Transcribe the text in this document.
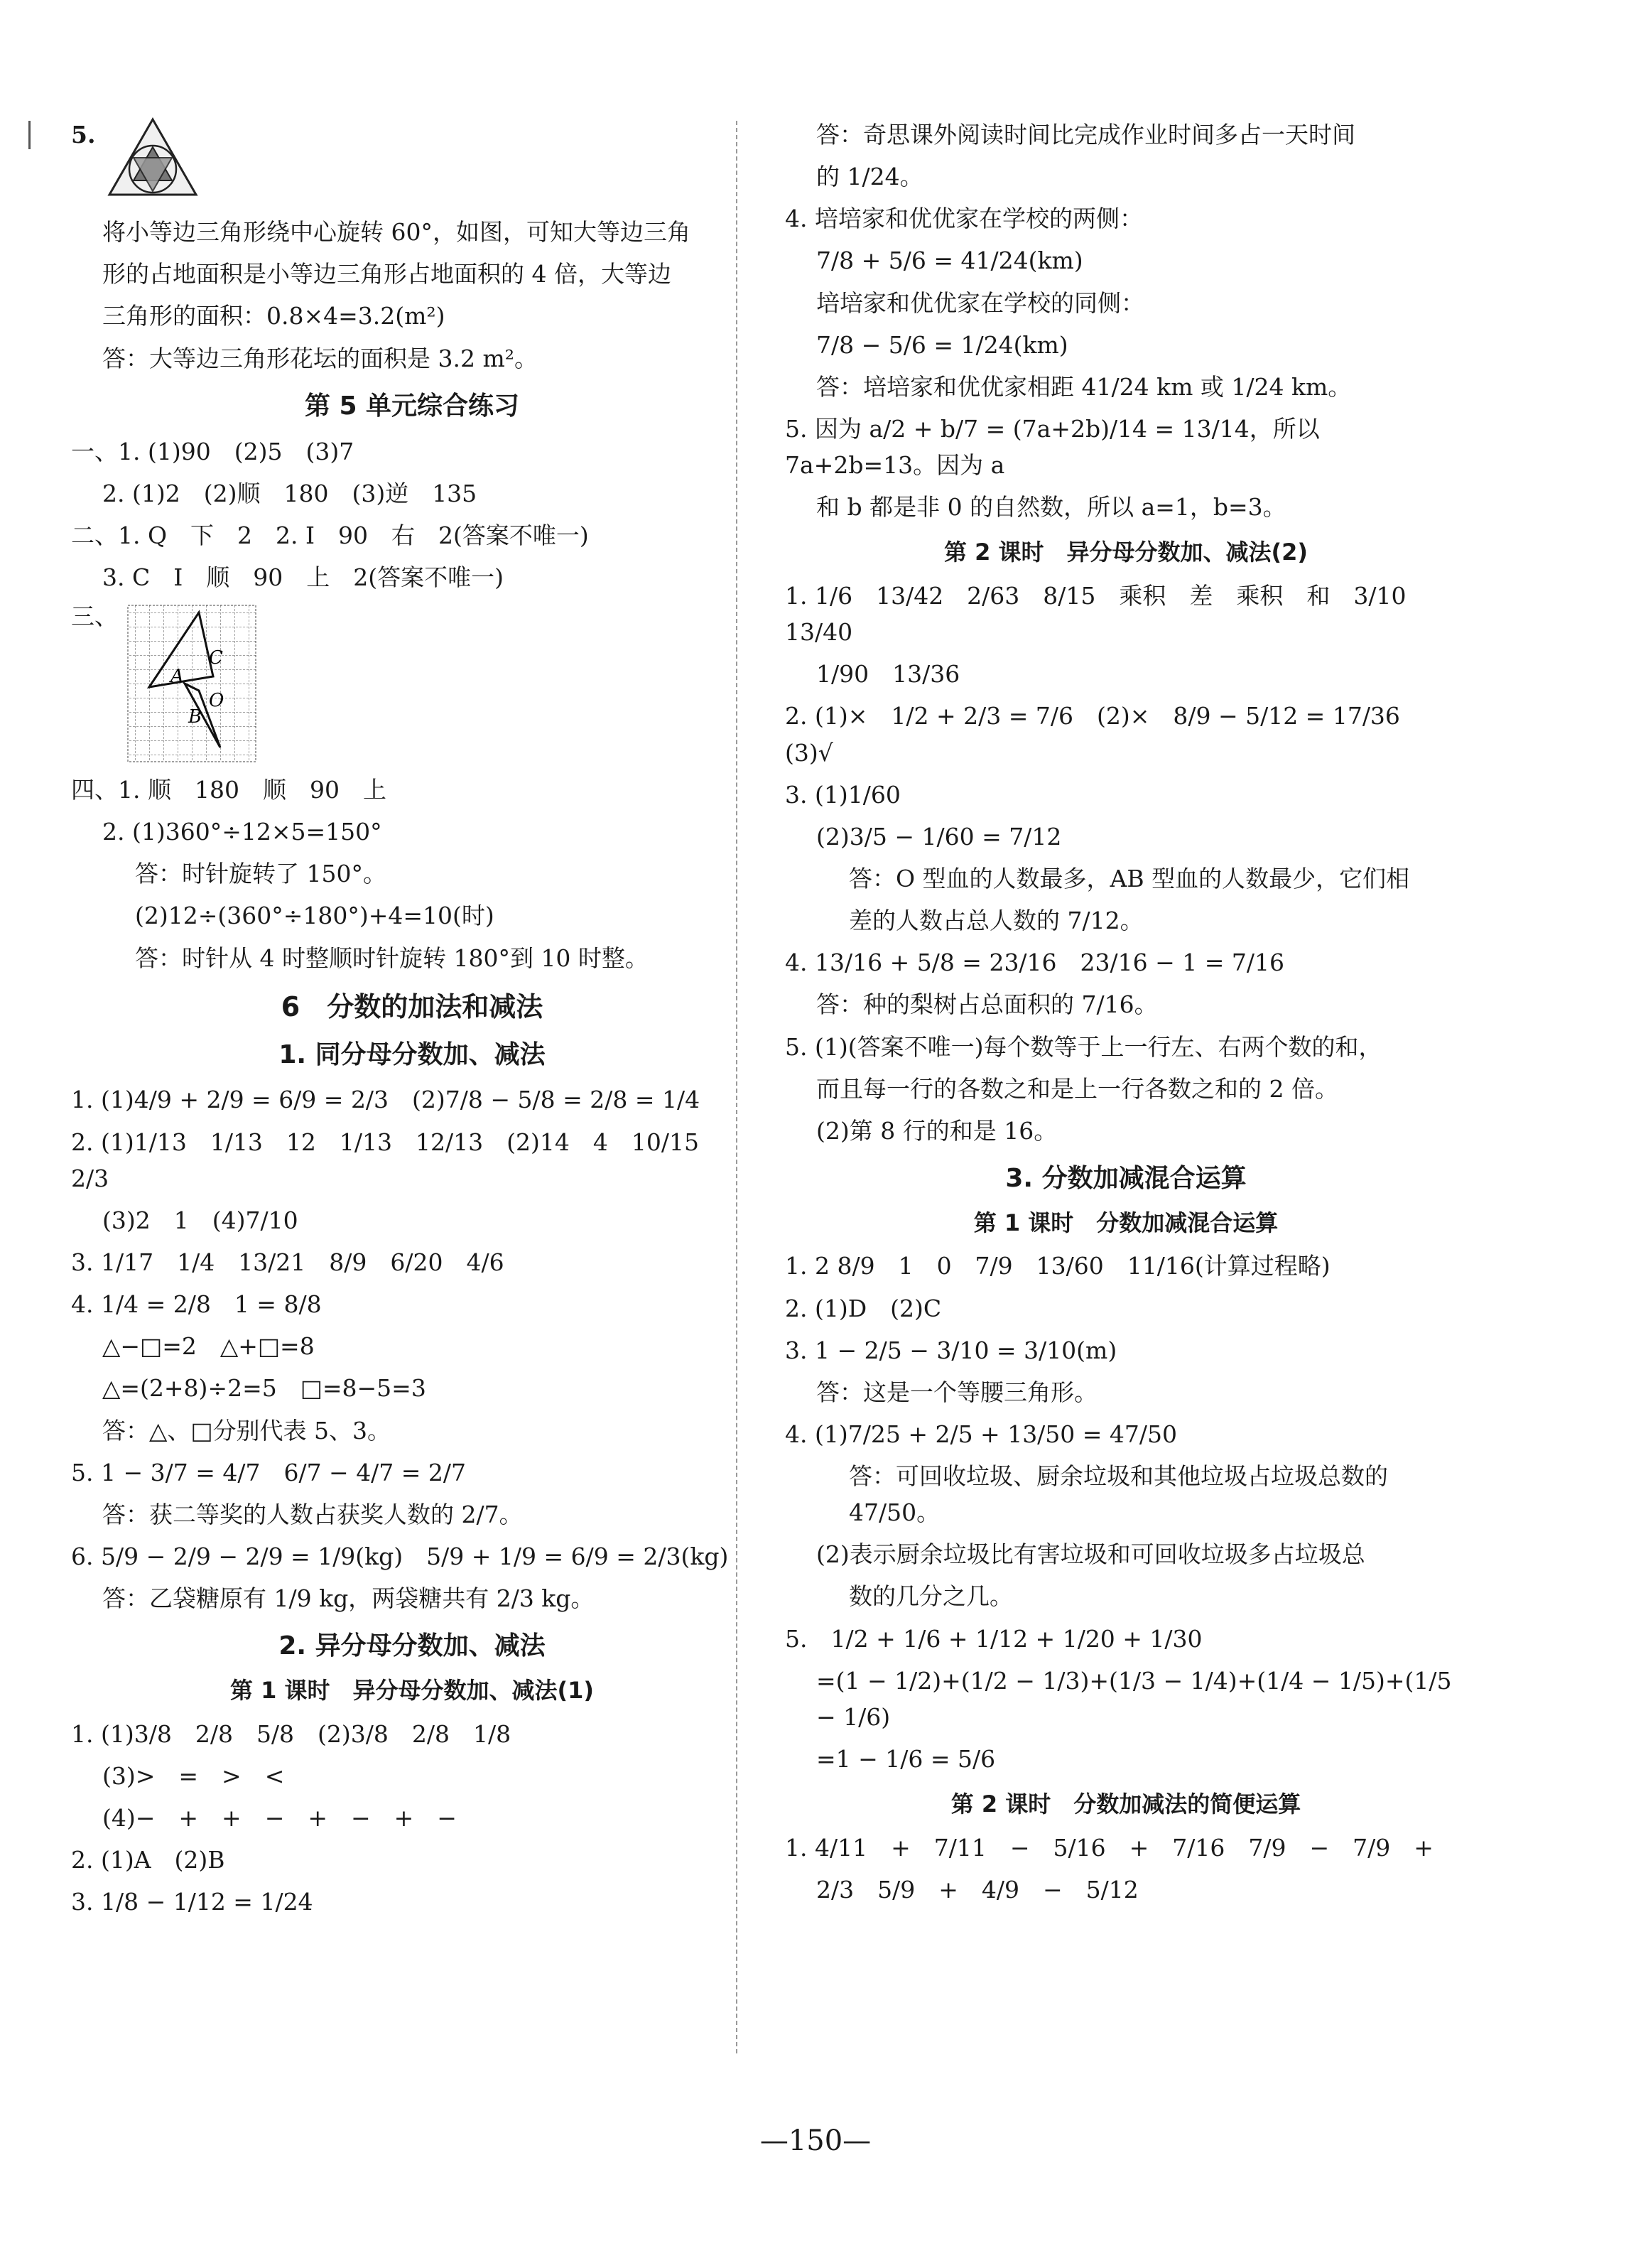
5.

将小等边三角形绕中心旋转 60°，如图，可知大等边三角

形的占地面积是小等边三角形占地面积的 4 倍，大等边

三角形的面积：0.8×4=3.2(m²)

答：大等边三角形花坛的面积是 3.2 m²。

第 5 单元综合练习

一、1. (1)90　(2)5　(3)7

2. (1)2　(2)顺　180　(3)逆　135

二、1. Q　下　2　2. I　90　右　2(答案不唯一)

3. C　I　顺　90　上　2(答案不唯一)

三、
A
C
O
B

四、1. 顺　180　顺　90　上

2. (1)360°÷12×5=150°

答：时针旋转了 150°。

(2)12÷(360°÷180°)+4=10(时)

答：时针从 4 时整顺时针旋转 180°到 10 时整。

6　分数的加法和减法
1. 同分母分数加、减法

1. (1)4/9 + 2/9 = 6/9 = 2/3　(2)7/8 − 5/8 = 2/8 = 1/4

2. (1)1/13　1/13　12　1/13　12/13　(2)14　4　10/15　2/3

(3)2　1　(4)7/10

3. 1/17　1/4　13/21　8/9　6/20　4/6

4. 1/4 = 2/8　1 = 8/8

△−□=2　△+□=8

△=(2+8)÷2=5　□=8−5=3

答：△、□分别代表 5、3。

5. 1 − 3/7 = 4/7　6/7 − 4/7 = 2/7

答：获二等奖的人数占获奖人数的 2/7。

6. 5/9 − 2/9 − 2/9 = 1/9(kg)　5/9 + 1/9 = 6/9 = 2/3(kg)

答：乙袋糖原有 1/9 kg，两袋糖共有 2/3 kg。

2. 异分母分数加、减法
第 1 课时　异分母分数加、减法(1)

1. (1)3/8　2/8　5/8　(2)3/8　2/8　1/8

(3)>　=　>　<

(4)−　+　+　−　+　−　+　−

2. (1)A　(2)B

3. 1/8 − 1/12 = 1/24

答：奇思课外阅读时间比完成作业时间多占一天时间

的 1/24。

4. 培培家和优优家在学校的两侧：

7/8 + 5/6 = 41/24(km)

培培家和优优家在学校的同侧：

7/8 − 5/6 = 1/24(km)

答：培培家和优优家相距 41/24 km 或 1/24 km。

5. 因为 a/2 + b/7 = (7a+2b)/14 = 13/14，所以 7a+2b=13。因为 a

和 b 都是非 0 的自然数，所以 a=1，b=3。

第 2 课时　异分母分数加、减法(2)

1. 1/6　13/42　2/63　8/15　乘积　差　乘积　和　3/10　13/40

1/90　13/36

2. (1)×　1/2 + 2/3 = 7/6　(2)×　8/9 − 5/12 = 17/36　(3)√

3. (1)1/60

(2)3/5 − 1/60 = 7/12

答：O 型血的人数最多，AB 型血的人数最少，它们相

差的人数占总人数的 7/12。

4. 13/16 + 5/8 = 23/16　23/16 − 1 = 7/16

答：种的梨树占总面积的 7/16。

5. (1)(答案不唯一)每个数等于上一行左、右两个数的和，

而且每一行的各数之和是上一行各数之和的 2 倍。

(2)第 8 行的和是 16。

3. 分数加减混合运算
第 1 课时　分数加减混合运算

1. 2 8/9　1　0　7/9　13/60　11/16(计算过程略)

2. (1)D　(2)C

3. 1 − 2/5 − 3/10 = 3/10(m)

答：这是一个等腰三角形。

4. (1)7/25 + 2/5 + 13/50 = 47/50

答：可回收垃圾、厨余垃圾和其他垃圾占垃圾总数的 47/50。

(2)表示厨余垃圾比有害垃圾和可回收垃圾多占垃圾总

数的几分之几。

5.　1/2 + 1/6 + 1/12 + 1/20 + 1/30

=(1 − 1/2)+(1/2 − 1/3)+(1/3 − 1/4)+(1/4 − 1/5)+(1/5 − 1/6)

=1 − 1/6 = 5/6

第 2 课时　分数加减法的简便运算

1. 4/11　+　7/11　−　5/16　+　7/16　7/9　−　7/9　+

2/3　5/9　+　4/9　−　5/12

—150—
